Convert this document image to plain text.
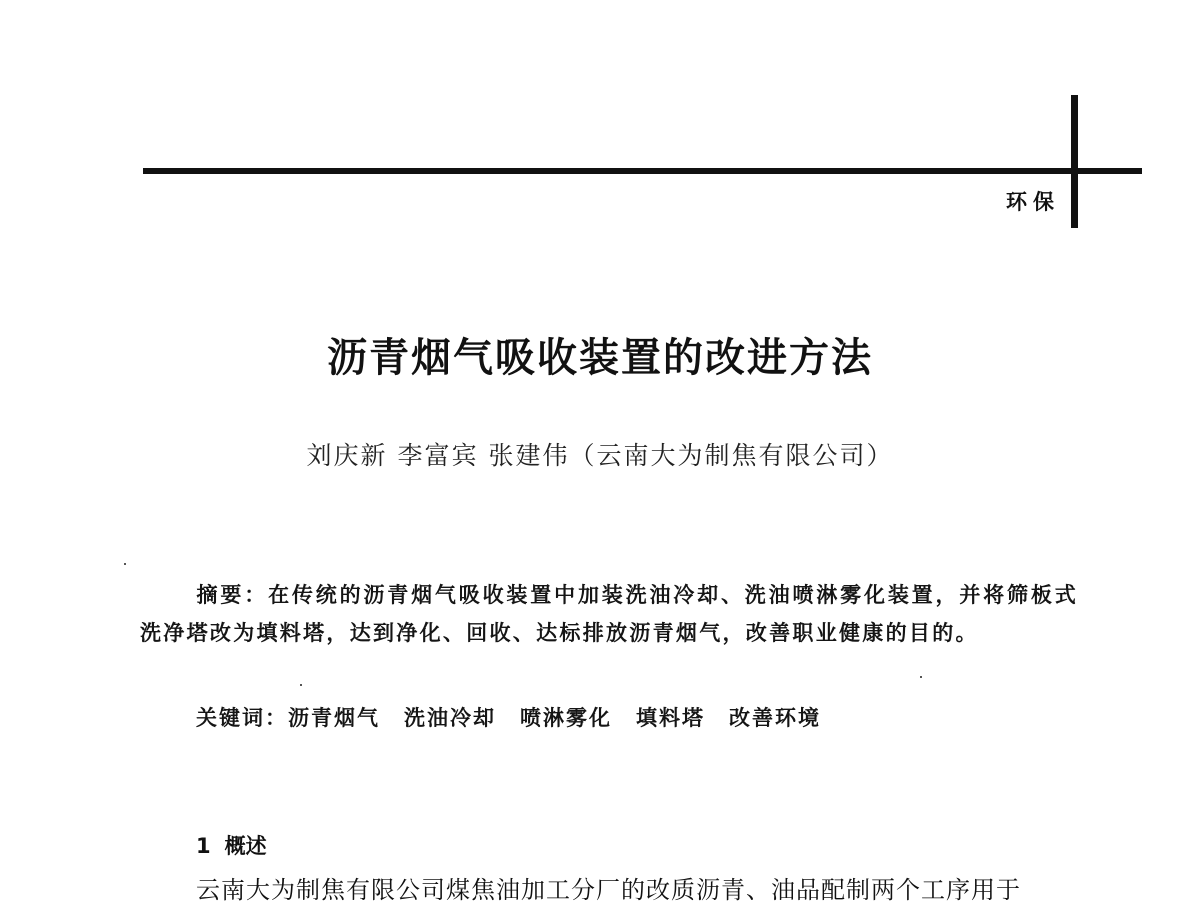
环保
沥青烟气吸收装置的改进方法
刘庆新 李富宾 张建伟（云南大为制焦有限公司）
摘要：在传统的沥青烟气吸收装置中加装洗油冷却、洗油喷淋雾化装置，并将筛板式洗净塔改为填料塔，达到净化、回收、达标排放沥青烟气，改善职业健康的目的。
关键词：沥青烟气 洗油冷却 喷淋雾化 填料塔 改善环境
1 概述
云南大为制焦有限公司煤焦油加工分厂的改质沥青、油品配制两个工序用于
